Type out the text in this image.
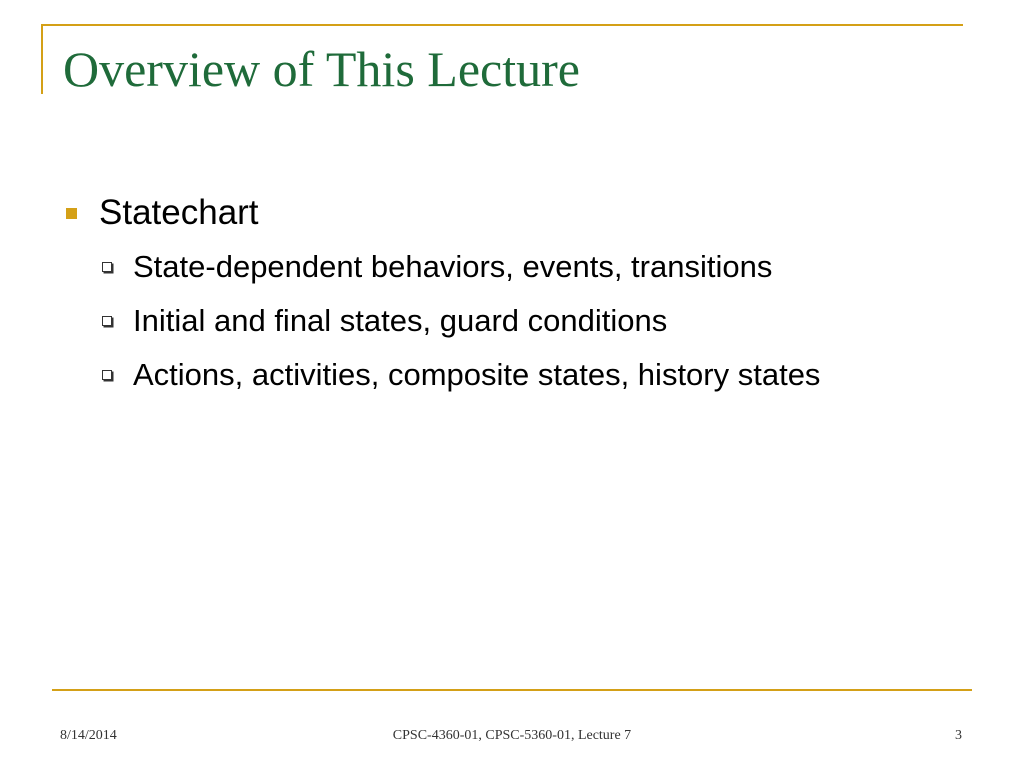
Overview of This Lecture
Statechart
State-dependent behaviors, events, transitions
Initial and final states, guard conditions
Actions, activities, composite states, history states
8/14/2014	CPSC-4360-01, CPSC-5360-01, Lecture 7	3
